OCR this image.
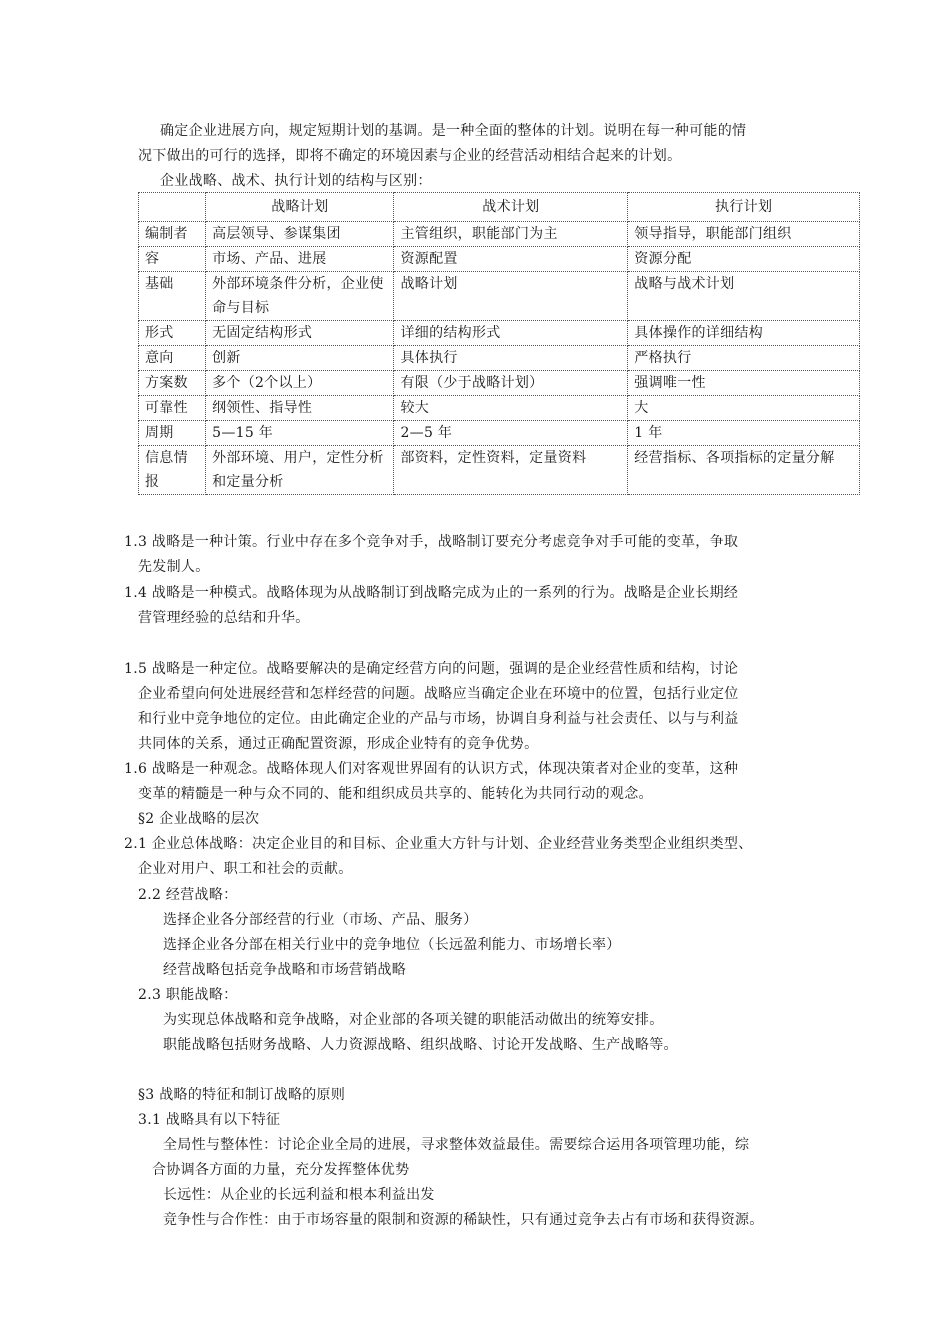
确定企业进展方向，规定短期计划的基调。是一种全面的整体的计划。说明在每一种可能的情
况下做出的可行的选择，即将不确定的环境因素与企业的经营活动相结合起来的计划。
企业战略、战术、执行计划的结构与区别：
	战略计划	战术计划	执行计划
编制者	高层领导、参谋集团	主管组织，职能部门为主	领导指导，职能部门组织
容	市场、产品、进展	资源配置	资源分配
基础	外部环境条件分析，企业使命与目标	战略计划	战略与战术计划
形式	无固定结构形式	详细的结构形式	具体操作的详细结构
意向	创新	具体执行	严格执行
方案数	多个（2个以上）	有限（少于战略计划）	强调唯一性
可靠性	纲领性、指导性	较大	大
周期	5—15 年	2—5 年	1 年
信息情报	外部环境、用户，定性分析和定量分析	部资料，定性资料，定量资料	经营指标、各项指标的定量分解
1.3 战略是一种计策。行业中存在多个竞争对手，战略制订要充分考虑竞争对手可能的变革，争取
先发制人。
1.4 战略是一种模式。战略体现为从战略制订到战略完成为止的一系列的行为。战略是企业长期经
营管理经验的总结和升华。
1.5 战略是一种定位。战略要解决的是确定经营方向的问题，强调的是企业经营性质和结构，讨论
企业希望向何处进展经营和怎样经营的问题。战略应当确定企业在环境中的位置，包括行业定位
和行业中竞争地位的定位。由此确定企业的产品与市场，协调自身利益与社会责任、以与与利益
共同体的关系，通过正确配置资源，形成企业特有的竞争优势。
1.6 战略是一种观念。战略体现人们对客观世界固有的认识方式，体现决策者对企业的变革，这种
变革的精髓是一种与众不同的、能和组织成员共享的、能转化为共同行动的观念。
§2 企业战略的层次
2.1 企业总体战略：决定企业目的和目标、企业重大方针与计划、企业经营业务类型企业组织类型、
企业对用户、职工和社会的贡献。
2.2 经营战略：
选择企业各分部经营的行业（市场、产品、服务）
选择企业各分部在相关行业中的竞争地位（长远盈利能力、市场增长率）
经营战略包括竞争战略和市场营销战略
2.3 职能战略：
为实现总体战略和竞争战略，对企业部的各项关键的职能活动做出的统筹安排。
职能战略包括财务战略、人力资源战略、组织战略、讨论开发战略、生产战略等。
§3 战略的特征和制订战略的原则
3.1 战略具有以下特征
全局性与整体性：讨论企业全局的进展，寻求整体效益最佳。需要综合运用各项管理功能，综
合协调各方面的力量，充分发挥整体优势
长远性：从企业的长远利益和根本利益出发
竞争性与合作性：由于市场容量的限制和资源的稀缺性，只有通过竞争去占有市场和获得资源。
